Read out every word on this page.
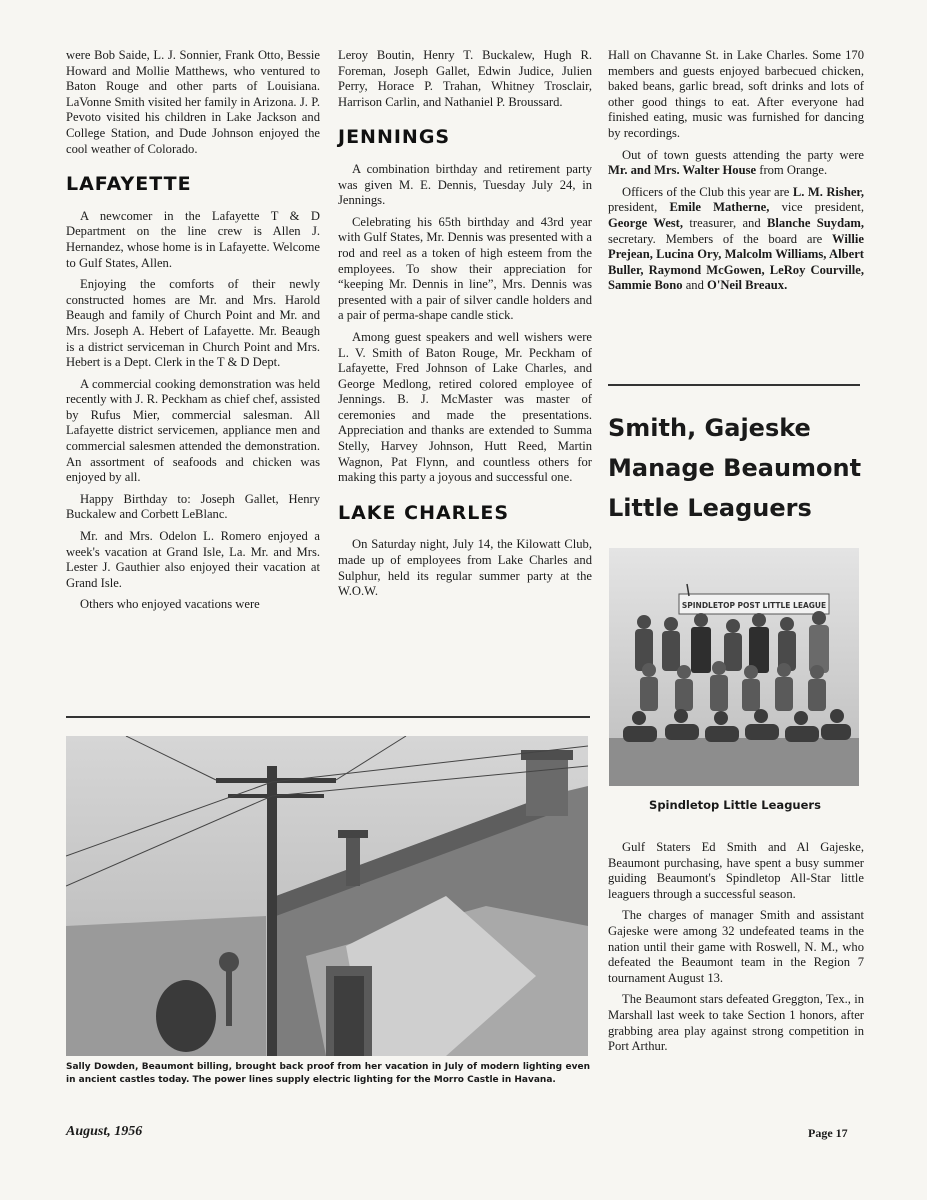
were Bob Saide, L. J. Sonnier, Frank Otto, Bessie Howard and Mollie Matthews, who ventured to Baton Rouge and other parts of Louisiana. LaVonne Smith visited her family in Arizona. J. P. Pevoto visited his children in Lake Jackson and College Station, and Dude Johnson enjoyed the cool weather of Colorado.

LAFAYETTE

A newcomer in the Lafayette T & D Department on the line crew is Allen J. Hernandez, whose home is in Lafayette. Welcome to Gulf States, Allen.

Enjoying the comforts of their newly constructed homes are Mr. and Mrs. Harold Beaugh and family of Church Point and Mr. and Mrs. Joseph A. Hebert of Lafayette. Mr. Beaugh is a district serviceman in Church Point and Mrs. Hebert is a Dept. Clerk in the T & D Dept.

A commercial cooking demonstration was held recently with J. R. Peckham as chief chef, assisted by Rufus Mier, commercial salesman. All Lafayette district servicemen, appliance men and commercial salesmen attended the demonstration. An assortment of seafoods and chicken was enjoyed by all.

Happy Birthday to: Joseph Gallet, Henry Buckalew and Corbett LeBlanc.

Mr. and Mrs. Odelon L. Romero enjoyed a week's vacation at Grand Isle, La. Mr. and Mrs. Lester J. Gauthier also enjoyed their vacation at Grand Isle.

Others who enjoyed vacations were

Leroy Boutin, Henry T. Buckalew, Hugh R. Foreman, Joseph Gallet, Edwin Judice, Julien Perry, Horace P. Trahan, Whitney Trosclair, Harrison Carlin, and Nathaniel P. Broussard.

JENNINGS

A combination birthday and retirement party was given M. E. Dennis, Tuesday July 24, in Jennings.

Celebrating his 65th birthday and 43rd year with Gulf States, Mr. Dennis was presented with a rod and reel as a token of high esteem from the employees. To show their appreciation for “keeping Mr. Dennis in line”, Mrs. Dennis was presented with a pair of silver candle holders and a pair of perma-shape candle stick.

Among guest speakers and well wishers were L. V. Smith of Baton Rouge, Mr. Peckham of Lafayette, Fred Johnson of Lake Charles, and George Medlong, retired colored employee of Jennings. B. J. McMaster was master of ceremonies and made the presentations. Appreciation and thanks are extended to Summa Stelly, Harvey Johnson, Hutt Reed, Martin Wagnon, Pat Flynn, and countless others for making this party a joyous and successful one.

LAKE CHARLES

On Saturday night, July 14, the Kilowatt Club, made up of employees from Lake Charles and Sulphur, held its regular summer party at the W.O.W.

Hall on Chavanne St. in Lake Charles. Some 170 members and guests enjoyed barbecued chicken, baked beans, garlic bread, soft drinks and lots of other good things to eat. After everyone had finished eating, music was furnished for dancing by recordings.

Out of town guests attending the party were Mr. and Mrs. Walter House from Orange.

Officers of the Club this year are L. M. Risher, president, Emile Matherne, vice president, George West, treasurer, and Blanche Suydam, secretary. Members of the board are Willie Prejean, Lucina Ory, Malcolm Williams, Albert Buller, Raymond McGowen, LeRoy Courville, Sammie Bono and O'Neil Breaux.

Smith, Gajeske
Manage Beaumont
Little Leaguers
SPINDLETOP POST LITTLE LEAGUE
Spindletop Little Leaguers

Gulf Staters Ed Smith and Al Gajeske, Beaumont purchasing, have spent a busy summer guiding Beaumont's Spindletop All-Star little leaguers through a successful season.

The charges of manager Smith and assistant Gajeske were among 32 undefeated teams in the nation until their game with Roswell, N. M., who defeated the Beaumont team in the Region 7 tournament August 13.

The Beaumont stars defeated Greggton, Tex., in Marshall last week to take Section 1 honors, after grabbing area play against strong competition in Port Arthur.

Sally Dowden, Beaumont billing, brought back proof from her vacation in July of modern lighting even in ancient castles today. The power lines supply electric lighting for the Morro Castle in Havana.
August, 1956	Page 17
